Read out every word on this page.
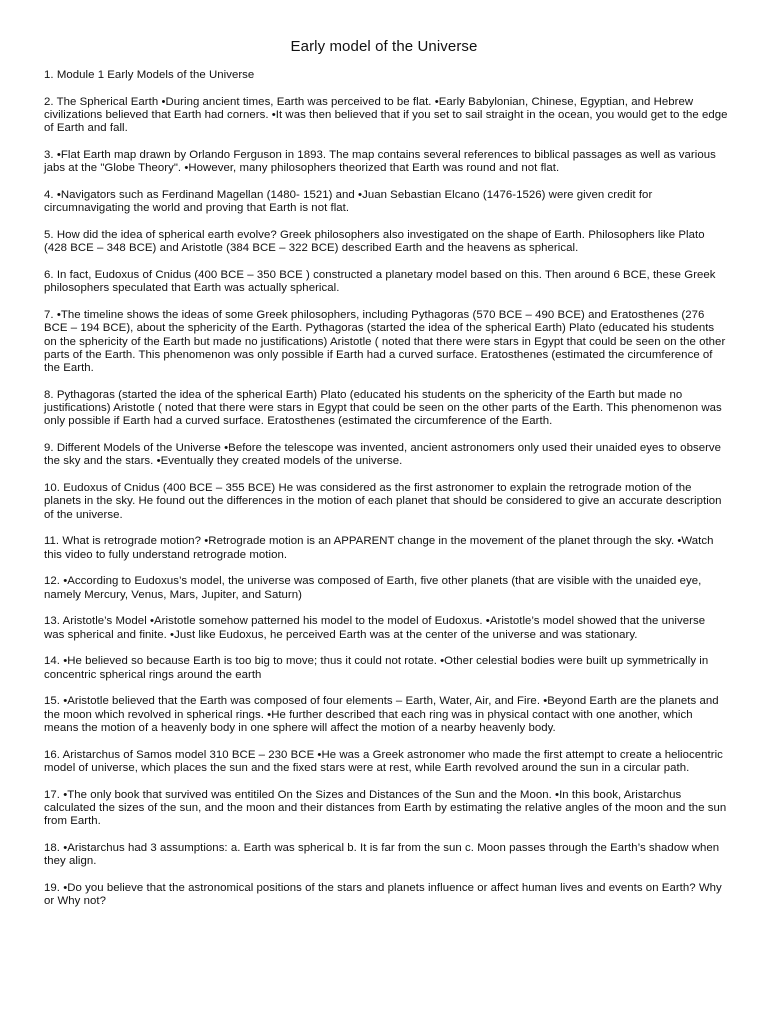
Early model of the Universe

1. Module 1 Early Models of the Universe

2. The Spherical Earth •During ancient times, Earth was perceived to be flat. •Early Babylonian, Chinese, Egyptian, and Hebrew civilizations believed that Earth had corners. •It was then believed that if you set to sail straight in the ocean, you would get to the edge of Earth and fall.

3. •Flat Earth map drawn by Orlando Ferguson in 1893. The map contains several references to biblical passages as well as various jabs at the "Globe Theory". •However, many philosophers theorized that Earth was round and not flat.

4. •Navigators such as Ferdinand Magellan (1480- 1521) and •Juan Sebastian Elcano (1476-1526) were given credit for circumnavigating the world and proving that Earth is not flat.

5. How did the idea of spherical earth evolve? Greek philosophers also investigated on the shape of Earth. Philosophers like Plato (428 BCE – 348 BCE) and Aristotle (384 BCE – 322 BCE) described Earth and the heavens as spherical.

6. In fact, Eudoxus of Cnidus (400 BCE – 350 BCE ) constructed a planetary model based on this. Then around 6 BCE, these Greek philosophers speculated that Earth was actually spherical.

7. •The timeline shows the ideas of some Greek philosophers, including Pythagoras (570 BCE – 490 BCE) and Eratosthenes (276 BCE – 194 BCE), about the sphericity of the Earth. Pythagoras (started the idea of the spherical Earth) Plato (educated his students on the sphericity of the Earth but made no justifications) Aristotle ( noted that there were stars in Egypt that could be seen on the other parts of the Earth. This phenomenon was only possible if Earth had a curved surface. Eratosthenes (estimated the circumference of the Earth.

8. Pythagoras (started the idea of the spherical Earth) Plato (educated his students on the sphericity of the Earth but made no justifications) Aristotle ( noted that there were stars in Egypt that could be seen on the other parts of the Earth. This phenomenon was only possible if Earth had a curved surface. Eratosthenes (estimated the circumference of the Earth.

9. Different Models of the Universe •Before the telescope was invented, ancient astronomers only used their unaided eyes to observe the sky and the stars. •Eventually they created models of the universe.

10. Eudoxus of Cnidus (400 BCE – 355 BCE) He was considered as the first astronomer to explain the retrograde motion of the planets in the sky. He found out the differences in the motion of each planet that should be considered to give an accurate description of the universe.

11. What is retrograde motion? •Retrograde motion is an APPARENT change in the movement of the planet through the sky. •Watch this video to fully understand retrograde motion.

12. •According to Eudoxus’s model, the universe was composed of Earth, five other planets (that are visible with the unaided eye, namely Mercury, Venus, Mars, Jupiter, and Saturn)

13. Aristotle’s Model •Aristotle somehow patterned his model to the model of Eudoxus. •Aristotle’s model showed that the universe was spherical and finite. •Just like Eudoxus, he perceived Earth was at the center of the universe and was stationary.

14. •He believed so because Earth is too big to move; thus it could not rotate. •Other celestial bodies were built up symmetrically in concentric spherical rings around the earth

15. •Aristotle believed that the Earth was composed of four elements – Earth, Water, Air, and Fire. •Beyond Earth are the planets and the moon which revolved in spherical rings. •He further described that each ring was in physical contact with one another, which means the motion of a heavenly body in one sphere will affect the motion of a nearby heavenly body.

16. Aristarchus of Samos model 310 BCE – 230 BCE •He was a Greek astronomer who made the first attempt to create a heliocentric model of universe, which places the sun and the fixed stars were at rest, while Earth revolved around the sun in a circular path.

17. •The only book that survived was entitiled On the Sizes and Distances of the Sun and the Moon. •In this book, Aristarchus calculated the sizes of the sun, and the moon and their distances from Earth by estimating the relative angles of the moon and the sun from Earth.

18. •Aristarchus had 3 assumptions: a. Earth was spherical b. It is far from the sun c. Moon passes through the Earth’s shadow when they align.

19. •Do you believe that the astronomical positions of the stars and planets influence or affect human lives and events on Earth? Why or Why not?
